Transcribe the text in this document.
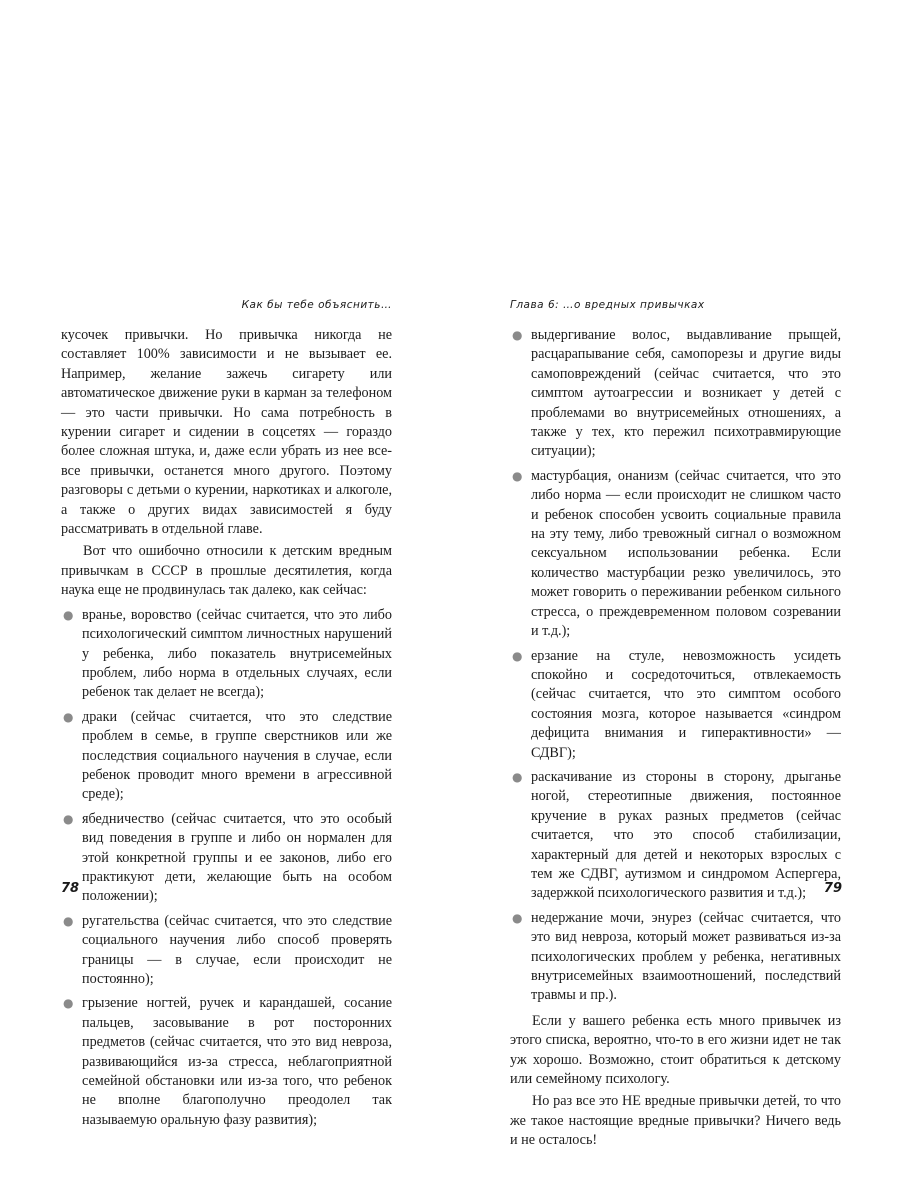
Как бы тебе объяснить…

кусочек привычки. Но привычка никогда не составляет 100% зависимости и не вызывает ее. Например, желание зажечь сигарету или автоматическое движение руки в карман за телефоном — это части привычки. Но сама потребность в курении сигарет и сидении в соцсетях — гораздо более сложная штука, и, даже если убрать из нее все-все привычки, останется много другого. Поэтому разговоры с детьми о курении, наркотиках и алкоголе, а также о других видах зависимостей я буду рассматривать в отдельной главе.

Вот что ошибочно относили к детским вредным привычкам в СССР в прошлые десятилетия, когда наука еще не продвинулась так далеко, как сейчас:

● вранье, воровство (сейчас считается, что это либо психологический симптом личностных нарушений у ребенка, либо показатель внутрисемейных проблем, либо норма в отдельных случаях, если ребенок так делает не всегда);
● драки (сейчас считается, что это следствие проблем в семье, в группе сверстников или же последствия социального научения в случае, если ребенок проводит много времени в агрессивной среде);
● ябедничество (сейчас считается, что это особый вид поведения в группе и либо он нормален для этой конкретной группы и ее законов, либо его практикуют дети, желающие быть на особом положении);
● ругательства (сейчас считается, что это следствие социального научения либо способ проверять границы — в случае, если происходит не постоянно);
● грызение ногтей, ручек и карандашей, сосание пальцев, засовывание в рот посторонних предметов (сейчас считается, что это вид невроза, развивающийся из-за стресса, неблагоприятной семейной обстановки или из-за того, что ребенок не вполне благополучно преодолел так называемую оральную фазу развития);
78
Глава 6: …о вредных привычках
● выдергивание волос, выдавливание прыщей, расцарапывание себя, самопорезы и другие виды самоповреждений (сейчас считается, что это симптом аутоагрессии и возникает у детей с проблемами во внутрисемейных отношениях, а также у тех, кто пережил психотравмирующие ситуации);
● мастурбация, онанизм (сейчас считается, что это либо норма — если происходит не слишком часто и ребенок способен усвоить социальные правила на эту тему, либо тревожный сигнал о возможном сексуальном использовании ребенка. Если количество мастурбации резко увеличилось, это может говорить о переживании ребенком сильного стресса, о преждевременном половом созревании и т.д.);
● ерзание на стуле, невозможность усидеть спокойно и сосредоточиться, отвлекаемость (сейчас считается, что это симптом особого состояния мозга, которое называется «синдром дефицита внимания и гиперактивности» — СДВГ);
● раскачивание из стороны в сторону, дрыганье ногой, стереотипные движения, постоянное кручение в руках разных предметов (сейчас считается, что это способ стабилизации, характерный для детей и некоторых взрослых с тем же СДВГ, аутизмом и синдромом Аспергера, задержкой психологического развития и т.д.);
● недержание мочи, энурез (сейчас считается, что это вид невроза, который может развиваться из-за психологических проблем у ребенка, негативных внутрисемейных взаимоотношений, последствий травмы и пр.).

Если у вашего ребенка есть много привычек из этого списка, вероятно, что-то в его жизни идет не так уж хорошо. Возможно, стоит обратиться к детскому или семейному психологу.

Но раз все это НЕ вредные привычки детей, то что же такое настоящие вредные привычки? Ничего ведь и не осталось!

79
